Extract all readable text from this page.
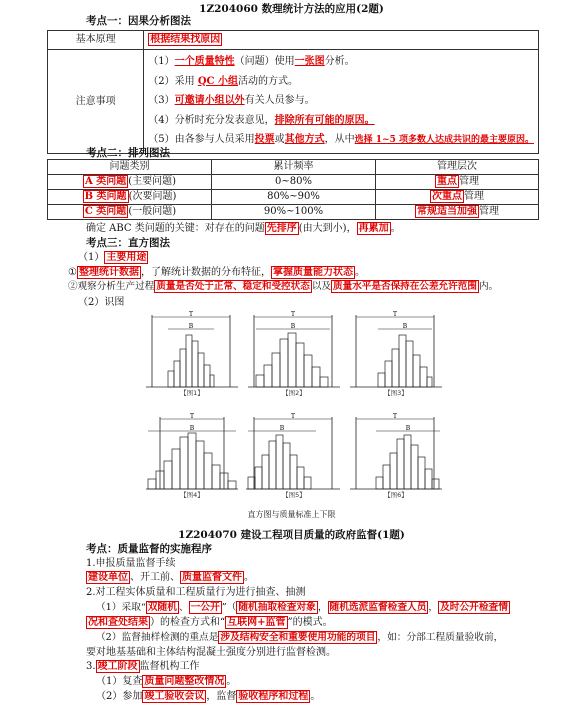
1Z204060 数理统计方法的应用(2题)
考点一：因果分析图法
基本原理	根据结果找原因
注意事项	（1）一个质量特性（问题）使用一张图分析。
（2）采用 QC 小组活动的方式。
（3）可邀请小组以外有关人员参与。
（4）分析时充分发表意见，排除所有可能的原因。
（5）由各参与人员采用投票或其他方式，从中选择 1~5 项多数人达成共识的最主要原因。
考点二：排列图法
问题类别	累计频率	管理层次
A 类问题 (主要问题)	0~80%	重点 管理
B 类问题 (次要问题)	80%~90%	次重点 管理
C 类问题 (一般问题)	90%~100%	常规适当加强 管理
确定 ABC 类问题的关键：对存在的问题 先排序 (由大到小)， 再累加 。
考点三：直方图法
（1） 主要用途
① 整理统计数据 ，了解统计数据的分布特征， 掌握质量能力状态 。
②观察分析生产过程 质量是否处于正常、稳定和受控状态 以及 质量水平是否保持在公差允许范围 内。
（2）识图
T
B
【图1】
T
B
【图2】
T
B
【图3】
T
B
【图4】
T
B
【图5】
T
B
【图6】
直方图与质量标准上下限
1Z204070 建设工程项目质量的政府监督(1题)
考点：质量监督的实施程序
1.申报质量监督手续
建设单位 、开工前、 质量监督文件 。
2.对工程实体质量和工程质量行为进行抽查、抽测
（1）采取“ 双随机 、 一公开 ”（ 随机抽取检查对象 ， 随机选派监督检查人员 ， 及时公开检查情
况和查处结果 ）的检查方式和“ 互联网+监管 ”的模式。
（2）监督抽样检测的重点是 涉及结构安全和重要使用功能的项目 ，如：分部工程质量验收前，
要对地基基础和主体结构混凝土强度分别进行监督检测。
3. 竣工阶段 监督机构工作
（1）复查 质量问题整改情况 。
（2）参加 竣工验收会议 ，监督 验收程序和过程 。
